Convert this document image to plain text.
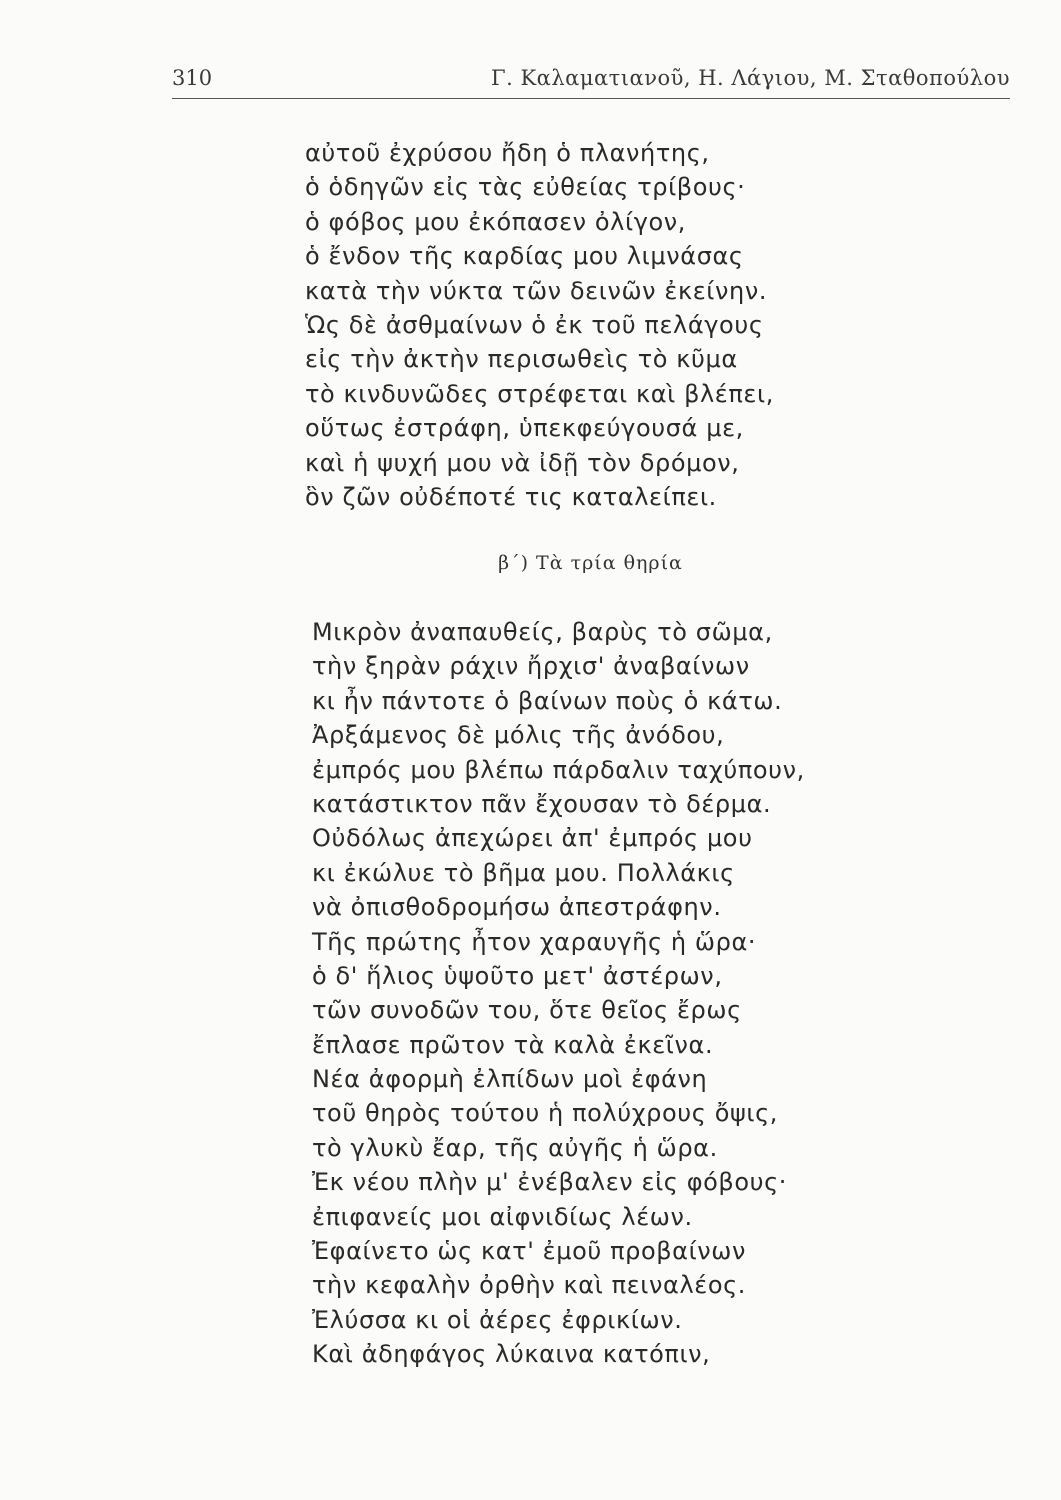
310	Γ. Καλαματιανοῦ, Η. Λάγιου, Μ. Σταθοπούλου
αὐτοῦ ἐχρύσου ἤδη ὁ πλανήτης,
ὁ ὁδηγῶν εἰς τὰς εὐθείας τρίβους·
ὁ φόβος μου ἐκόπασεν ὀλίγον,
ὁ ἔνδον τῆς καρδίας μου λιμνάσας
κατὰ τὴν νύκτα τῶν δεινῶν ἐκείνην.
Ὡς δὲ ἀσθμαίνων ὁ ἐκ τοῦ πελάγους
εἰς τὴν ἀκτὴν περισωθεὶς τὸ κῦμα
τὸ κινδυνῶδες στρέφεται καὶ βλέπει,
οὕτως ἐστράφη, ὑπεκφεύγουσά με,
καὶ ἡ ψυχή μου νὰ ἰδῇ τὸν δρόμον,
ὃν ζῶν οὐδέποτέ τις καταλείπει.
β΄) Τὰ τρία θηρία
Μικρὸν ἀναπαυθείς, βαρὺς τὸ σῶμα,
τὴν ξηρὰν ράχιν ἤρχισ' ἀναβαίνων
κι ἦν πάντοτε ὁ βαίνων ποὺς ὁ κάτω.
Ἀρξάμενος δὲ μόλις τῆς ἀνόδου,
ἐμπρός μου βλέπω πάρδαλιν ταχύπουν,
κατάστικτον πᾶν ἔχουσαν τὸ δέρμα.
Οὐδόλως ἀπεχώρει ἀπ' ἐμπρός μου
κι ἐκώλυε τὸ βῆμα μου. Πολλάκις
νὰ ὀπισθοδρομήσω ἀπεστράφην.
Τῆς πρώτης ἦτον χαραυγῆς ἡ ὥρα·
ὁ δ' ἥλιος ὑψοῦτο μετ' ἀστέρων,
τῶν συνοδῶν του, ὅτε θεῖος ἔρως
ἔπλασε πρῶτον τὰ καλὰ ἐκεῖνα.
Νέα ἀφορμὴ ἐλπίδων μοὶ ἐφάνη
τοῦ θηρὸς τούτου ἡ πολύχρους ὄψις,
τὸ γλυκὺ ἔαρ, τῆς αὐγῆς ἡ ὥρα.
Ἐκ νέου πλὴν μ' ἐνέβαλεν εἰς φόβους·
ἐπιφανείς μοι αἰφνιδίως λέων.
Ἐφαίνετο ὡς κατ' ἐμοῦ προβαίνων
τὴν κεφαλὴν ὀρθὴν καὶ πειναλέος.
Ἐλύσσα κι οἱ ἀέρες ἐφρικίων.
Καὶ ἀδηφάγος λύκαινα κατόπιν,
